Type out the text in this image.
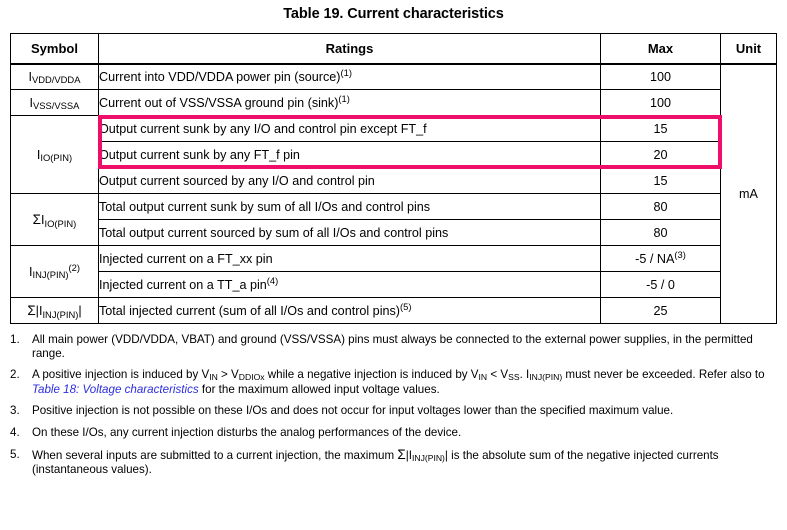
Table 19. Current characteristics
Symbol	Ratings	Max	Unit
$I_{VDD/VDDA}$	Current into VDD/VDDA power pin (source)$^{(1)}$	100	mA
$I_{VSS/VSSA}$	Current out of VSS/VSSA ground pin $(\sin k)^{(1)}$	100	
$I_{IO(PIN)}$	Output current sunk by any I/O and control pin except FT_f	15	
	Output current sunk by any FT_f pin	20	
	Output current sourced by any I/O and control pin	15	
$\Sigma I_{IO(PIN)}$	Total output current sunk by sum of all I/Os and control pins	80	
	Total output current sourced by sum of all I/Os and control pins	80	
$I_{INJ(PIN)}^{(2)}$	Injected current on a FT_xx pin	-5 / NA$^{(3)}$
	Injected current on a TT_a pin$^{(4)}$	-5 / 0	
$\Sigma|I_{INJ(PIN)}|$	Total injected current (sum of all I/Os and control pins)$^{(5)}$	25	
1. All main power (VDD/VDDA, VBAT) and ground (VSS/VSSA) pins must always be connected to the external power supplies, in the permitted range.
2. A positive injection is induced by $V_{IN} > V_{DDIOx}$ while a negative injection is induced by $V_{IN} < V_{SS}$. $I_{INJ(PIN)}$ must never be exceeded. Refer also to Table 18: Voltage characteristics for the maximum allowed input voltage values.
3. Positive injection is not possible on these I/Os and does not occur for input voltages lower than the specified maximum value.
4. On these I/Os, any current injection disturbs the analog performances of the device.
5. When several inputs are submitted to a current injection, the maximum $\Sigma|I_{INJ(PIN)}|$ is the absolute sum of the negative injected currents (instantaneous values).
